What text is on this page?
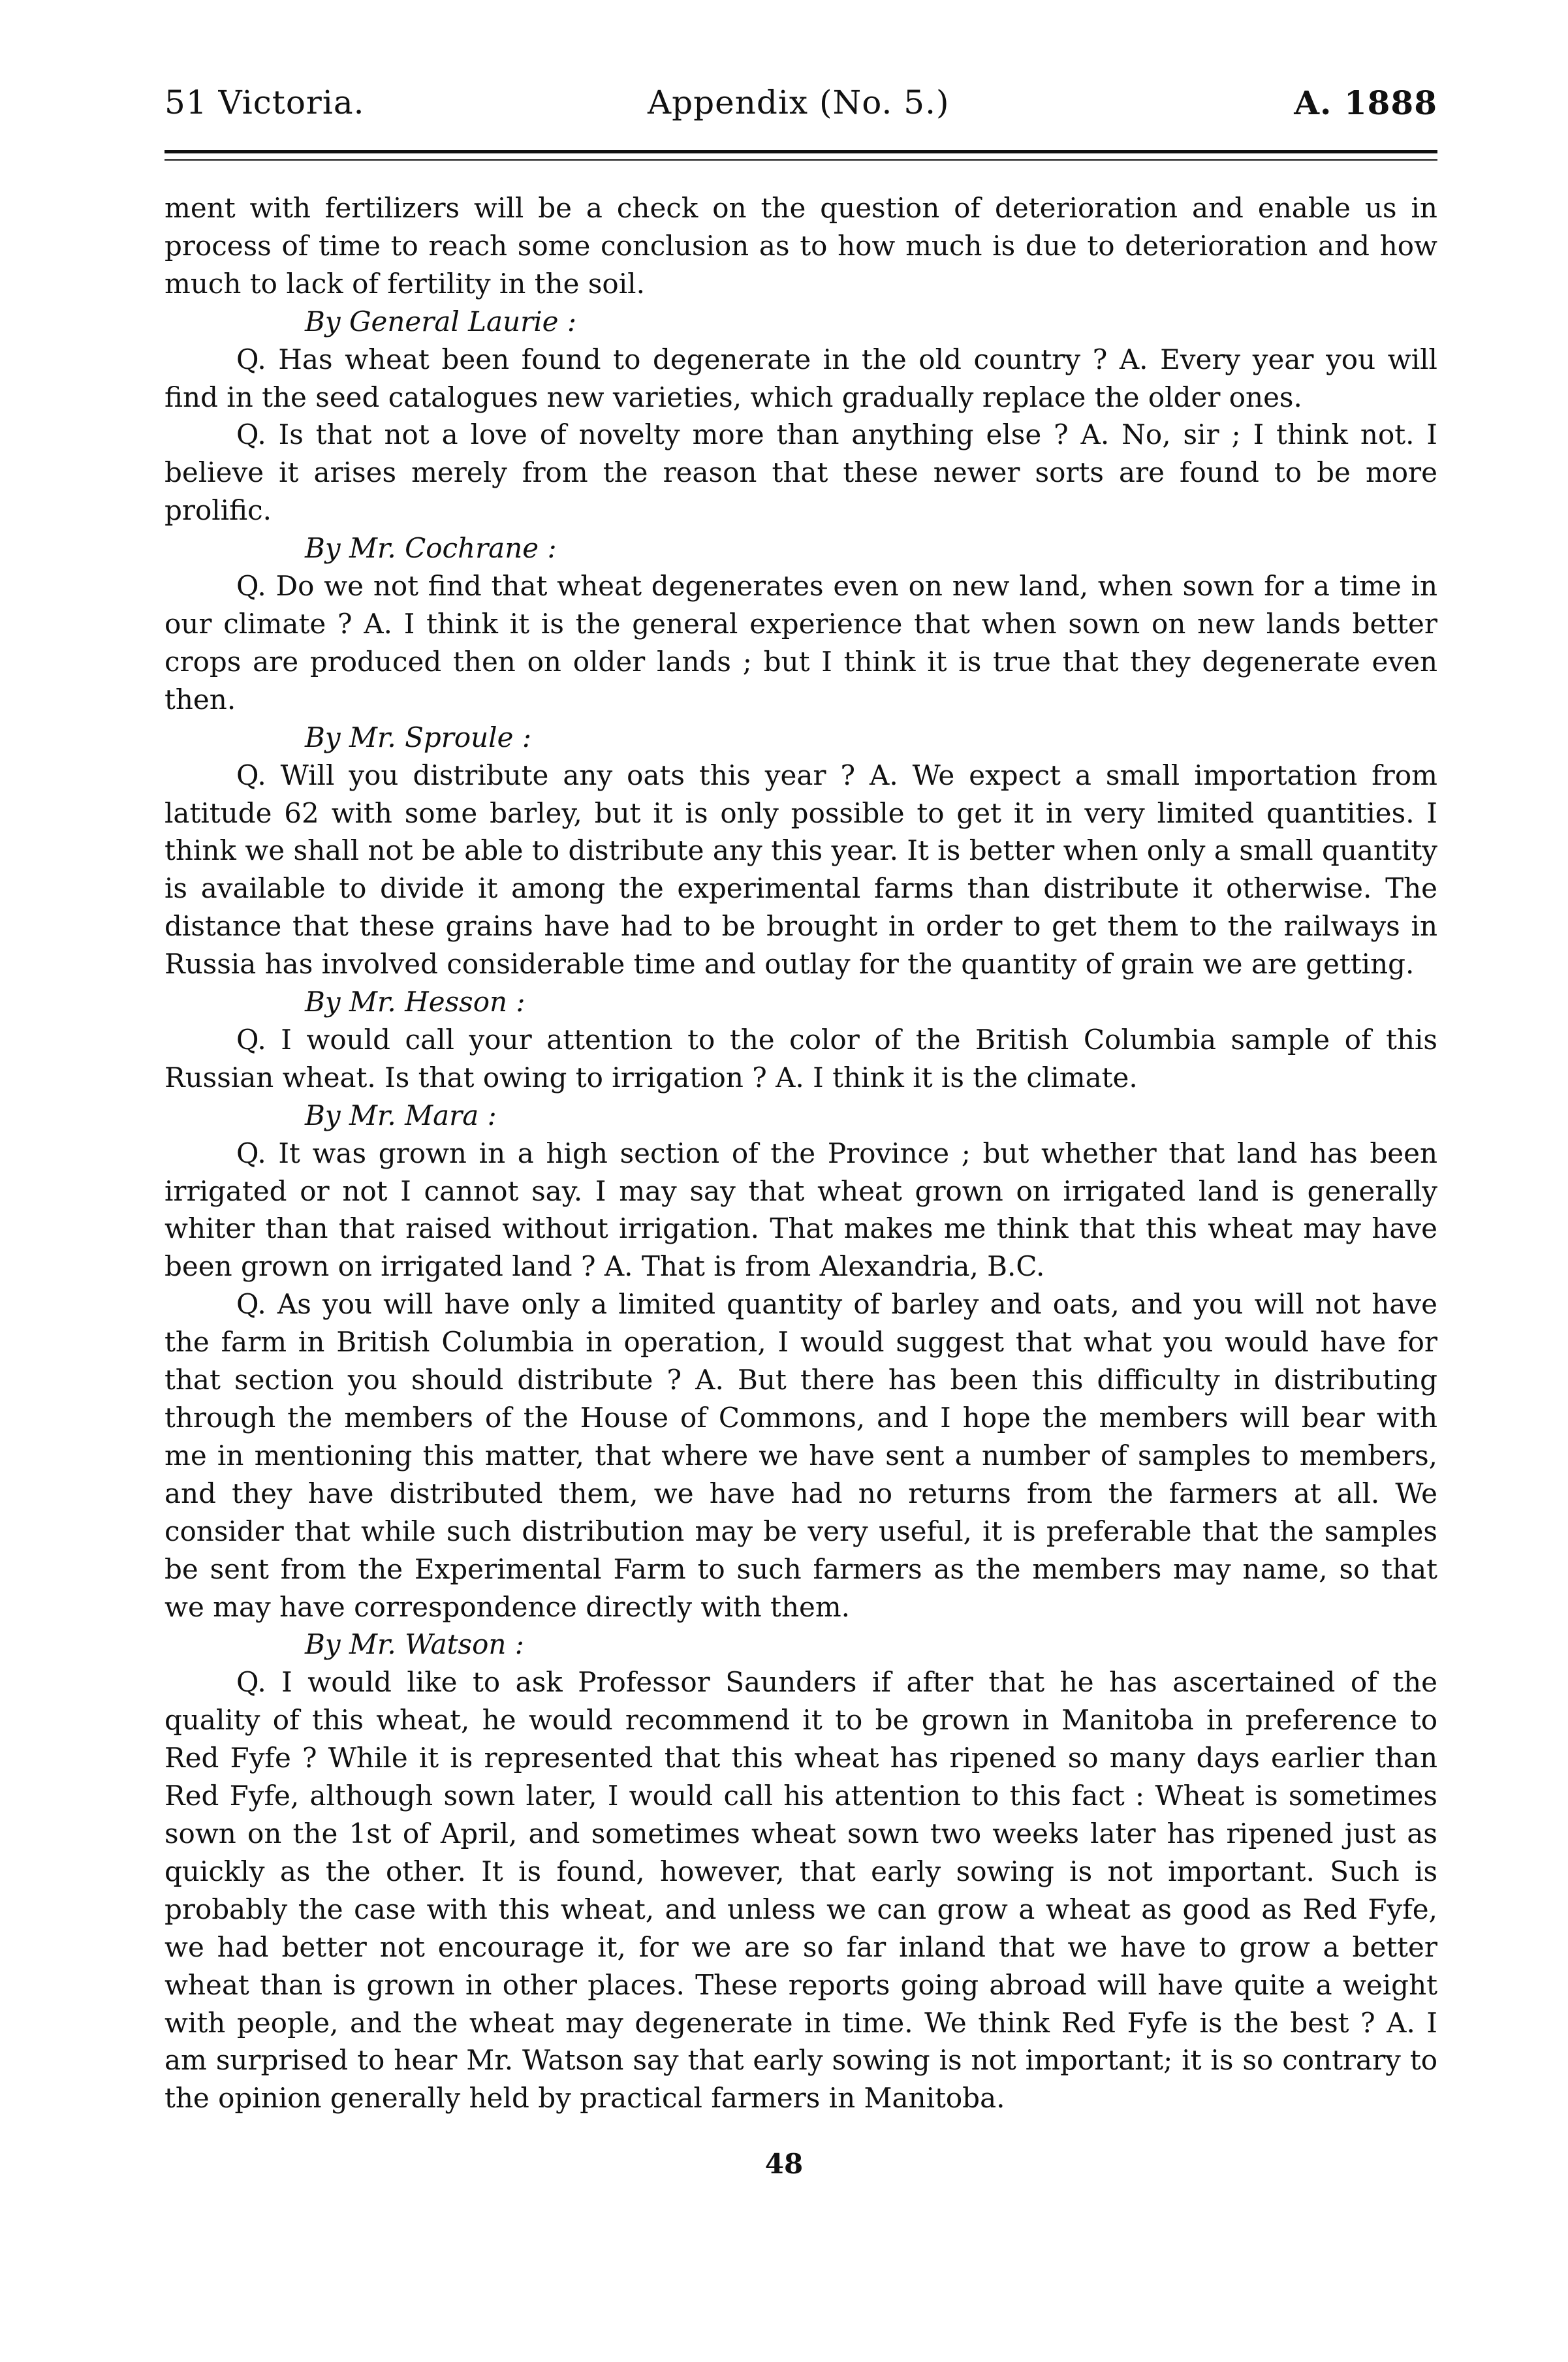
51 Victoria.	Appendix (No. 5.)	A. 1888

ment with fertilizers will be a check on the question of deterioration and enable us in process of time to reach some conclusion as to how much is due to deterioration and how much to lack of fertility in the soil.

By General Laurie :

Q. Has wheat been found to degenerate in the old country ? A. Every year you will find in the seed catalogues new varieties, which gradually replace the older ones.

Q. Is that not a love of novelty more than anything else ? A. No, sir ; I think not. I believe it arises merely from the reason that these newer sorts are found to be more prolific.

By Mr. Cochrane :

Q. Do we not find that wheat degenerates even on new land, when sown for a time in our climate ? A. I think it is the general experience that when sown on new lands better crops are produced then on older lands ; but I think it is true that they degenerate even then.

By Mr. Sproule :

Q. Will you distribute any oats this year ? A. We expect a small importation from latitude 62 with some barley, but it is only possible to get it in very limited quantities. I think we shall not be able to distribute any this year. It is better when only a small quantity is available to divide it among the experimental farms than distribute it otherwise. The distance that these grains have had to be brought in order to get them to the railways in Russia has involved considerable time and outlay for the quantity of grain we are getting.

By Mr. Hesson :

Q. I would call your attention to the color of the British Columbia sample of this Russian wheat. Is that owing to irrigation ? A. I think it is the climate.

By Mr. Mara :

Q. It was grown in a high section of the Province ; but whether that land has been irrigated or not I cannot say. I may say that wheat grown on irrigated land is generally whiter than that raised without irrigation. That makes me think that this wheat may have been grown on irrigated land ? A. That is from Alexandria, B.C.

Q. As you will have only a limited quantity of barley and oats, and you will not have the farm in British Columbia in operation, I would suggest that what you would have for that section you should distribute ? A. But there has been this difficulty in distributing through the members of the House of Commons, and I hope the members will bear with me in mentioning this matter, that where we have sent a number of samples to members, and they have distributed them, we have had no returns from the farmers at all. We consider that while such distribution may be very useful, it is preferable that the samples be sent from the Experimental Farm to such farmers as the members may name, so that we may have correspondence directly with them.

By Mr. Watson :

Q. I would like to ask Professor Saunders if after that he has ascertained of the quality of this wheat, he would recommend it to be grown in Manitoba in preference to Red Fyfe ? While it is represented that this wheat has ripened so many days earlier than Red Fyfe, although sown later, I would call his attention to this fact : Wheat is sometimes sown on the 1st of April, and sometimes wheat sown two weeks later has ripened just as quickly as the other. It is found, however, that early sowing is not important. Such is probably the case with this wheat, and unless we can grow a wheat as good as Red Fyfe, we had better not encourage it, for we are so far inland that we have to grow a better wheat than is grown in other places. These reports going abroad will have quite a weight with people, and the wheat may degenerate in time. We think Red Fyfe is the best ? A. I am surprised to hear Mr. Watson say that early sowing is not important; it is so contrary to the opinion generally held by practical farmers in Manitoba.

48
